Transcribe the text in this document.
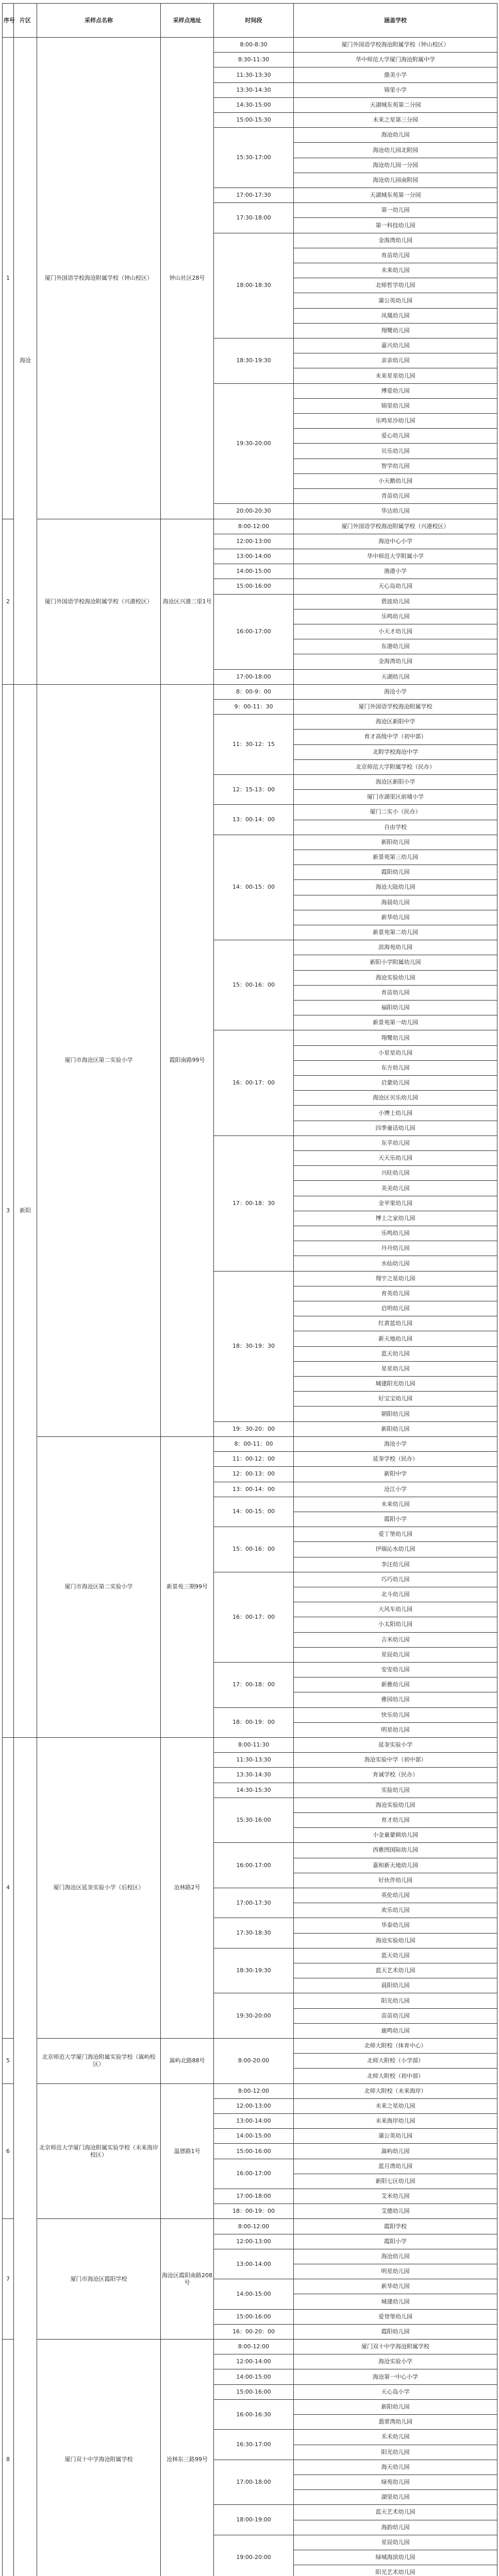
序号	片区	采样点名称	采样点地址	时间段	涵盖学校
1	海沧	厦门外国语学校海沧附属学校（钟山校区）	钟山社区28号	8:00-8:30	厦门外国语学校海沧附属学校（钟山校区）
				8:30-11:30	华中师范大学厦门海沧附属中学
				11:30-13:30	鼎美小学
				13:30-14:30	锦里小学
				14:30-15:00	天湖城东苑第二分园
				15:00-15:30	未来之星第三分园
				15:30-17:00	海沧幼儿园
					海沧幼儿园北附园
					海沧幼儿园一分园
					海沧幼儿园南附园
				17:00-17:30	天湖城东苑第一分园
				17:30-18:00	第一幼儿园
					第一科技幼儿园
				18:00-18:30	金海湾幼儿园
					育苗幼儿园
					未来幼儿园
					北师哲学幼儿园
					蒲公英幼儿园
					凤凰幼儿园
					翔鹭幼儿园
				18:30-19:30	嘉兴幼儿园
					亲亲幼儿园
					未来星星幼儿园
				19:30-20:00	博爱幼儿园
					锦里幼儿园
					乐鸣星沙幼儿园
					爱心幼儿园
					贝乐幼儿园
					智学幼儿园
					小天鹅幼儿园
					青苗幼儿园
				20:00-20:30	华达幼儿园
2		厦门外国语学校海沧附属学校（兴港校区）	海沧区兴港二里1号	8:00-12:00	厦门外国语学校海沧附属学校（兴港校区）
				12:00-13:00	海沧中心小学
				13:00-14:00	华中师范大学附属小学
				14:00-15:00	渔港小学
				15:00-16:00	天心岛幼儿园
				16:00-17:00	碧波幼儿园
					乐鸣幼儿园
					小天才幼儿园
					东港幼儿园
					金海湾幼儿园
				17:00-18:00	天湖幼儿园
3	新阳	厦门市海沧区第二实验小学	霞阳南路99号	8：00-9：00	海沧小学
				9：00-11：30	厦门外国语学校海沧附属学校
				11：30-12：15	海沧区新阳中学
					育才高级中学（初中部）
					北附学校海沧中学
					北京师范大学附属学校（民办）
				12：15-13：00	海沧区新阳小学
					厦门市湖里区前埔小学
				13：00-14：00	厦门二实小（民办）
					自由学校
				14：00-15：00	新阳幼儿园
					新景苑第三幼儿园
					霞阳幼儿园
					海沧大陆幼儿园
					海晨幼儿园
					新华幼儿园
					新景苑第二幼儿园
				15：00-16：00	滨海苑幼儿园
					新阳小学附属幼儿园
					海沧实验幼儿园
					育苗幼儿园
					福阳幼儿园
					新景苑第一幼儿园
				16：00-17：00	翔鹭幼儿园
					小星星幼儿园
					东方幼儿园
					启蒙幼儿园
					海沧区贝乐幼儿园
					小博士幼儿园
					四季童话幼儿园
				17：00-18：30	东孚幼儿园
					天天乐幼儿园
					兴旺幼儿园
					美美幼儿园
					金苹果幼儿园
					博士之家幼儿园
					乐鸣幼儿园
					丹丹幼儿园
					水仙幼儿园
				18：30-19：30	翔宇之星幼儿园
					育英幼儿园
					启明幼儿园
					红黄蓝幼儿园
					新天地幼儿园
					蓝天幼儿园
					星星幼儿园
					城建阳光幼儿园
					好宝宝幼儿园
					朝阳幼儿园
				19：30-20：00	新阳幼儿园
		厦门市海沧区第二实验小学	新景苑三期99号	8：00-11：00	海沧小学
				11：00-12：00	延奎学校（民办）
				12：00-13：00	新阳中学
				13：00-14：00	沧江小学
				14：00-15：00	未来幼儿园
					霞阳小学
				15：00-16：00	爱丁堡幼儿园
					伊瑞沁水幼儿园
					李汪幼儿园
				16：00-17：00	巧巧幼儿园
					北斗幼儿园
					大风车幼儿园
					小太阳幼儿园
					吉米幼儿园
					星辰幼儿园
				17：00-18：00	安安幼儿园
					新雅幼儿园
					雅园幼儿园
				18：00-19：00	快乐幼儿园
					明星幼儿园
4		厦门海沧区延奎实验小学（后校区）	沧林路2号	8:00-11:30	延奎实验小学
				11:30-13:30	海沧实验中学（初中部）
				13:30-14:30	育诚学校（民办）
				14:30-15:30	实验幼儿园
				15:30-16:00	海沧实验幼儿园
					育才幼儿园
					小金童蒙顿幼儿园
				16:00-17:00	西雅图国际幼儿园
					嘉和新天地幼儿园
					好伙伴幼儿园
				17:00-17:30	英伦幼儿园
					欢乐幼儿园
				17:30-18:30	华泰幼儿园
					海沧实验幼儿园
				18:30-19:30	蓝天幼儿园
					蓝天艺术幼儿园
					晨阳幼儿园
				19:30-20:00	阳光幼儿园
					苗苗幼儿园
					鹿鸣幼儿园
5		北京师范大学厦门海沧附属实验学校（嵩屿校区）	嵩屿北路88号	8:00-20:00	北师大附校（体育中心）
					北师大附校（小学部）
					北师大附校（初中部）
6		北京师范大学厦门海沧附属实验学校（未来海岸校区）	温厝路1号	8:00-12:00	北师大附校（未来海岸）
				12:00-13:00	未来之星幼儿园
				13:00-14:00	未来海岸幼儿园
				14:00-15:00	蒲公英幼儿园
				15:00-16:00	嵩屿幼儿园
				16:00-17:00	蓝月湾幼儿园
					新阳七区幼儿园
				17:00-18:00	艾米幼儿园
				18：00-19：00	艾德幼儿园
7		厦门市海沧区霞阳学校	海沧区霞阳南路208号	8:00-12:00	霞阳学校
				12:00-13:00	霞阳小学
				13:00-14:00	海沧幼儿园
					明星幼儿园
				14:00-15:00	新华幼儿园
					城建幼儿园
				15:00-16:00	爱登堡幼儿园
				16：00-20：00	霞阳幼儿园
8		厦门双十中学海沧附属学校	沧林东三路99号	8:00-12:00	厦门双十中学海沧附属学校
				12:00-14:00	海沧实验小学
				14:00-15:00	海沧第一中心小学
				15:00-16:00	天心岛小学
				16:00-16:30	新阳幼儿园
					翡翠湾幼儿园
				16:30-17:00	禾禾幼儿园
					阳光幼儿园
				17:00-18:00	海天幼儿园
					绿苑幼儿园
					湖里幼儿园
				18:00-19:00	蓝天艺术幼儿园
					海韵幼儿园
				19:00-20:00	星辰幼儿园
					绿城海滨幼儿园
					阳光艺术幼儿园
